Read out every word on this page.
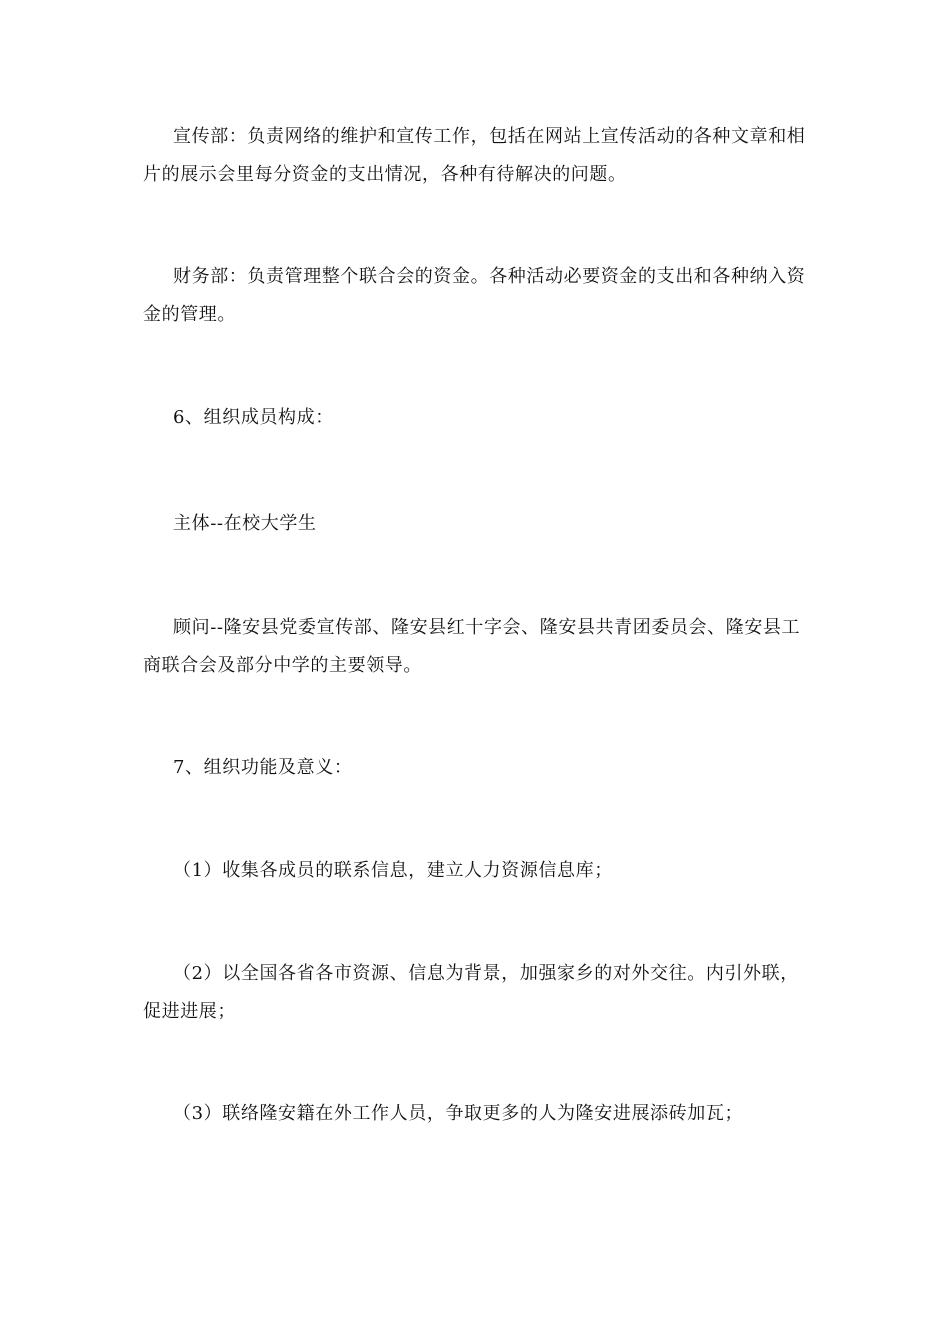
宣传部：负责网络的维护和宣传工作，包括在网站上宣传活动的各种文章和相片的展示会里每分资金的支出情况，各种有待解决的问题。

财务部：负责管理整个联合会的资金。各种活动必要资金的支出和各种纳入资金的管理。

6、组织成员构成：

主体--在校大学生

顾问--隆安县党委宣传部、隆安县红十字会、隆安县共青团委员会、隆安县工商联合会及部分中学的主要领导。

7、组织功能及意义：

（1）收集各成员的联系信息，建立人力资源信息库；

（2）以全国各省各市资源、信息为背景，加强家乡的对外交往。内引外联，促进进展；

（3）联络隆安籍在外工作人员，争取更多的人为隆安进展添砖加瓦；
